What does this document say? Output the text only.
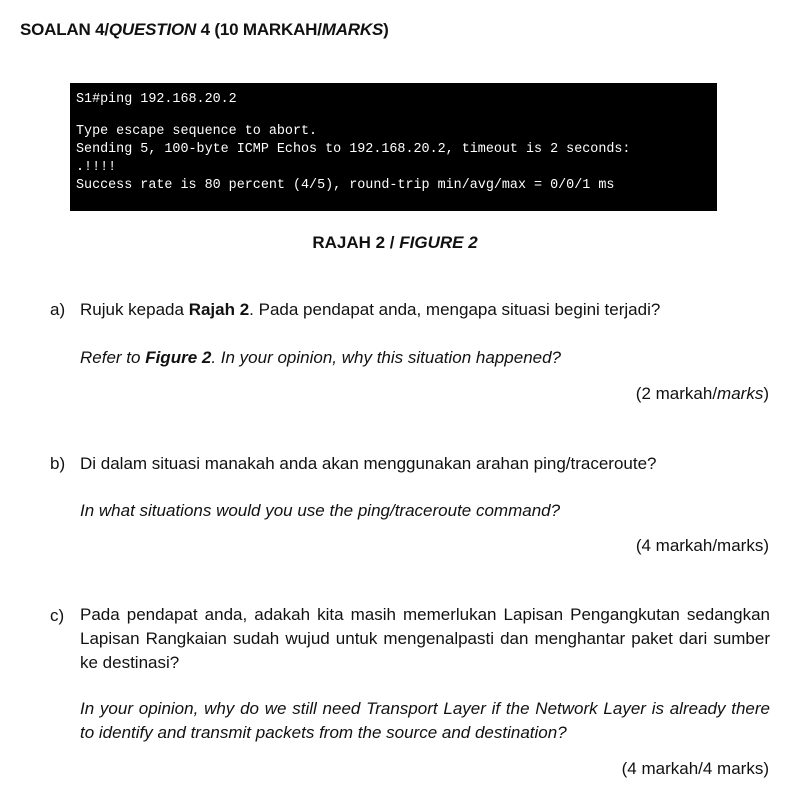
SOALAN 4/QUESTION 4 (10 MARKAH/MARKS)
S1#ping 192.168.20.2
Type escape sequence to abort.
Sending 5, 100-byte ICMP Echos to 192.168.20.2, timeout is 2 seconds:
.!!!!
Success rate is 80 percent (4/5), round-trip min/avg/max = 0/0/1 ms
RAJAH 2 / FIGURE 2
a) Rujuk kepada Rajah 2. Pada pendapat anda, mengapa situasi begini terjadi?
Refer to Figure 2. In your opinion, why this situation happened?
(2 markah/marks)
b) Di dalam situasi manakah anda akan menggunakan arahan ping/traceroute?
In what situations would you use the ping/traceroute command?
(4 markah/marks)
c) Pada pendapat anda, adakah kita masih memerlukan Lapisan Pengangkutan sedangkan Lapisan Rangkaian sudah wujud untuk mengenalpasti dan menghantar paket dari sumber ke destinasi?
In your opinion, why do we still need Transport Layer if the Network Layer is already there to identify and transmit packets from the source and destination?
(4 markah/4 marks)
